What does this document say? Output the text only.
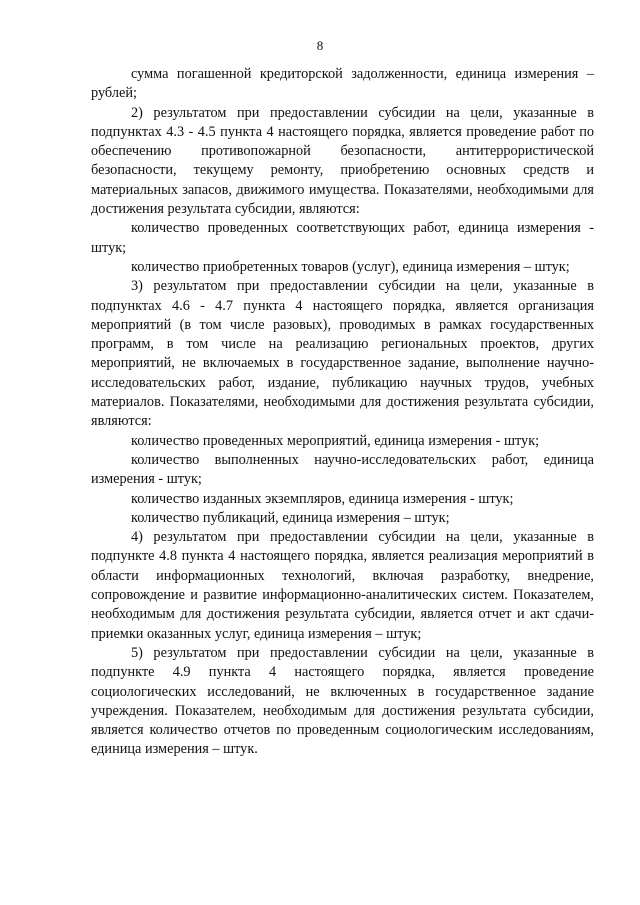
8

сумма погашенной кредиторской задолженности, единица измерения – рублей;

2) результатом при предоставлении субсидии на цели, указанные в подпунктах 4.3 - 4.5 пункта 4 настоящего порядка, является проведение работ по обеспечению противопожарной безопасности, антитеррористической безопасности, текущему ремонту, приобретению основных средств и материальных запасов, движимого имущества. Показателями, необходимыми для достижения результата субсидии, являются:

количество проведенных соответствующих работ, единица измерения - штук;

количество приобретенных товаров (услуг), единица измерения – штук;

3) результатом при предоставлении субсидии на цели, указанные в подпунктах 4.6 - 4.7 пункта 4 настоящего порядка, является организация мероприятий (в том числе разовых), проводимых в рамках государственных программ, в том числе на реализацию региональных проектов, других мероприятий, не включаемых в государственное задание, выполнение научно-исследовательских работ, издание, публикацию научных трудов, учебных материалов. Показателями, необходимыми для достижения результата субсидии, являются:

количество проведенных мероприятий, единица измерения - штук;

количество выполненных научно-исследовательских работ, единица измерения - штук;

количество изданных экземпляров, единица измерения - штук;

количество публикаций, единица измерения – штук;

4) результатом при предоставлении субсидии на цели, указанные в подпункте 4.8 пункта 4 настоящего порядка, является реализация мероприятий в области информационных технологий, включая разработку, внедрение, сопровождение и развитие информационно-аналитических систем. Показателем, необходимым для достижения результата субсидии, является отчет и акт сдачи-приемки оказанных услуг, единица измерения – штук;

5) результатом при предоставлении субсидии на цели, указанные в подпункте 4.9 пункта 4 настоящего порядка, является проведение социологических исследований, не включенных в государственное задание учреждения. Показателем, необходимым для достижения результата субсидии, является количество отчетов по проведенным социологическим исследованиям, единица измерения – штук.
